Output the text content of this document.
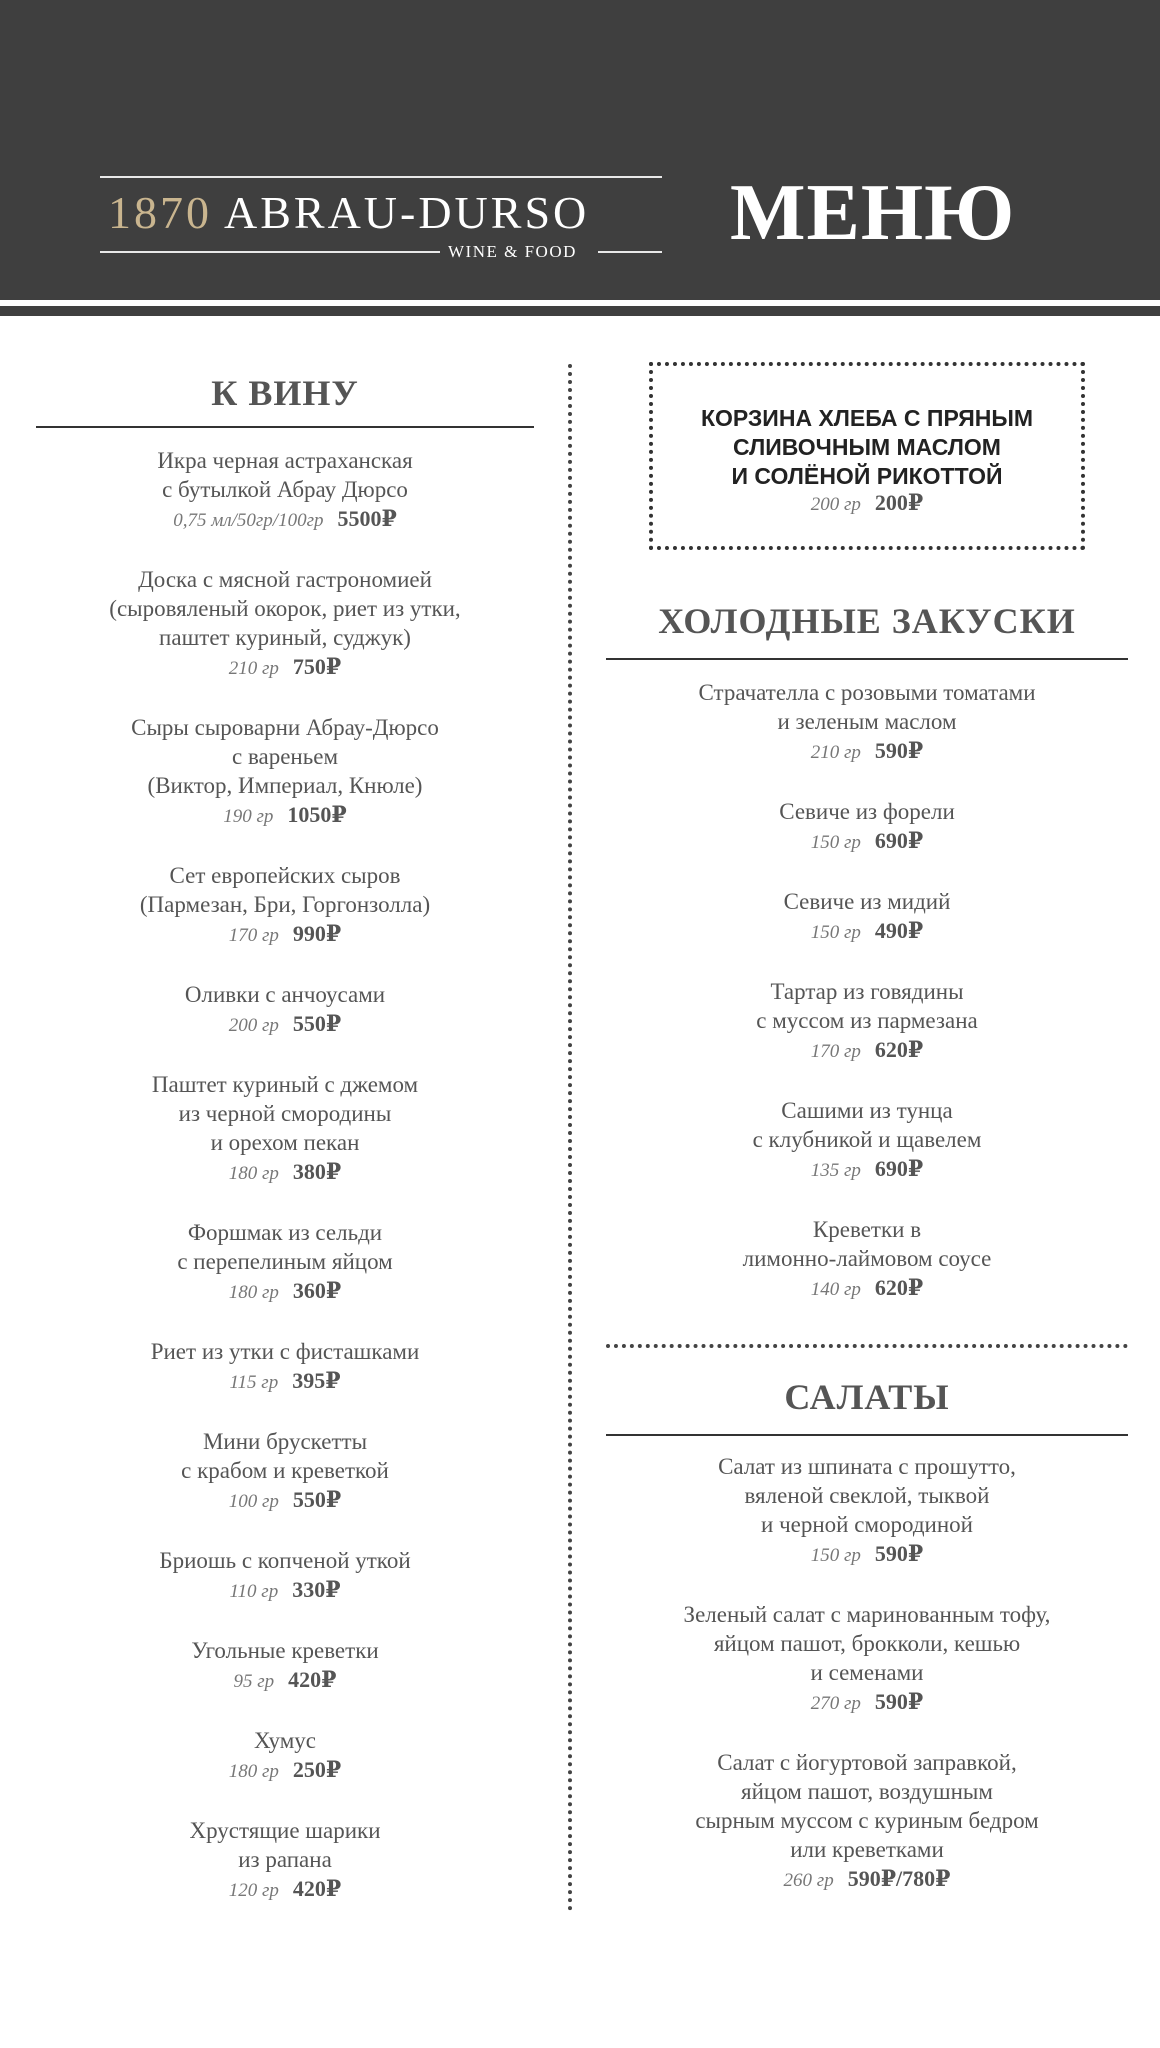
1870 ABRAU-DURSO
WINE & FOOD МЕНЮ
К ВИНУ
Икра черная астраханская
с бутылкой Абрау Дюрсо
0,75 мл/50гр/100гр 5500₽
Доска с мясной гастрономией
(сыровяленый окорок, риет из утки,
паштет куриный, суджук)
210 гр 750₽
Сыры сыроварни Абрау-Дюрсо
с вареньем
(Виктор, Империал, Кнюле)
190 гр 1050₽
Сет европейских сыров
(Пармезан, Бри, Горгонзолла)
170 гр 990₽
Оливки с анчоусами
200 гр 550₽
Паштет куриный с джемом
из черной смородины
и орехом пекан
180 гр 380₽
Форшмак из сельди
с перепелиным яйцом
180 гр 360₽
Риет из утки с фисташками
115 гр 395₽
Мини брускетты
с крабом и креветкой
100 гр 550₽
Бриошь с копченой уткой
110 гр 330₽
Угольные креветки
95 гр 420₽
Хумус
180 гр 250₽
Хрустящие шарики
из рапана
120 гр 420₽
КОРЗИНА ХЛЕБА С ПРЯНЫМ
СЛИВОЧНЫМ МАСЛОМ
И СОЛЁНОЙ РИКОТТОЙ
200 гр 200₽
ХОЛОДНЫЕ ЗАКУСКИ
Страчателла с розовыми томатами
и зеленым маслом
210 гр 590₽
Севиче из форели
150 гр 690₽
Севиче из мидий
150 гр 490₽
Тартар из говядины
с муссом из пармезана
170 гр 620₽
Сашими из тунца
с клубникой и щавелем
135 гр 690₽
Креветки в
лимонно-лаймовом соусе
140 гр 620₽
САЛАТЫ
Салат из шпината с прошутто,
вяленой свеклой, тыквой
и черной смородиной
150 гр 590₽
Зеленый салат с маринованным тофу,
яйцом пашот, брокколи, кешью
и семенами
270 гр 590₽
Салат с йогуртовой заправкой,
яйцом пашот, воздушным
сырным муссом с куриным бедром
или креветками
260 гр 590₽/780₽
